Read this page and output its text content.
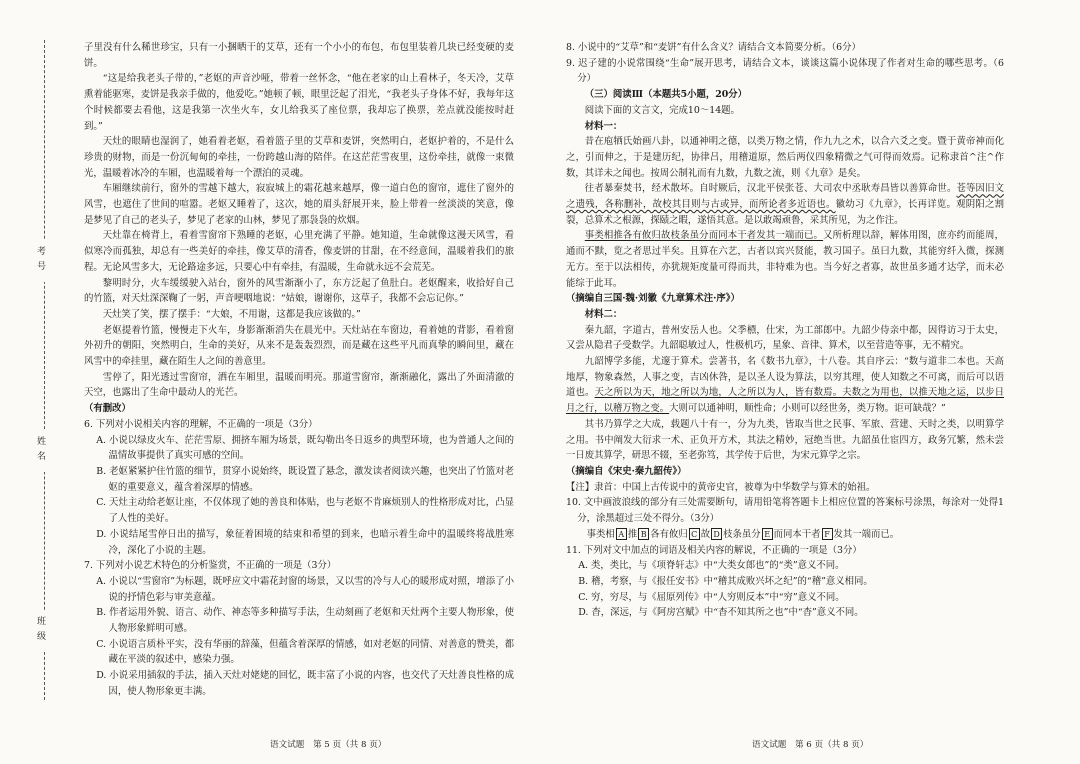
考号
姓名
班级

子里没有什么稀世珍宝，只有一小捆晒干的艾草，还有一个小小的布包，布包里装着几块已经变硬的麦饼。

“这是给我老头子带的，”老妪的声音沙哑，带着一丝怀念，“他在老家的山上看林子，冬天冷，艾草熏着能驱寒，麦饼是我亲手做的，他爱吃。”她顿了顿，眼里泛起了泪光，“我老头子身体不好，我每年这个时候都要去看他，这是我第一次坐火车，女儿给我买了座位票，我却忘了换票，差点就没能按时赶到。”

天灶的眼睛也湿润了，她看着老妪，看着篮子里的艾草和麦饼，突然明白，老妪护着的，不是什么珍贵的财物，而是一份沉甸甸的牵挂，一份跨越山海的陪伴。在这茫茫雪夜里，这份牵挂，就像一束微光，温暖着冰冷的车厢，也温暖着每一个漂泊的灵魂。

车厢继续前行，窗外的雪越下越大，寂寂城上的霜花越来越厚，像一道白色的窗帘，遮住了窗外的风雪，也遮住了世间的喧嚣。老妪又睡着了，这次，她的眉头舒展开来，脸上带着一丝淡淡的笑意，像是梦见了自己的老头子，梦见了老家的山林，梦见了那袅袅的炊烟。

天灶靠在椅背上，看着雪窗帘下熟睡的老妪，心里充满了平静。她知道，生命就像这漫天风雪，看似寒冷而孤独，却总有一些美好的牵挂，像艾草的清香，像麦饼的甘甜，在不经意间，温暖着我们的旅程。无论风雪多大，无论路途多远，只要心中有牵挂，有温暖，生命就永远不会荒芜。

黎明时分，火车缓缓驶入站台，窗外的风雪渐渐小了，东方泛起了鱼肚白。老妪醒来，收拾好自己的竹篮，对天灶深深鞠了一躬，声音哽咽地说：“姑娘，谢谢你，这草子，我都不会忘记你。”

天灶笑了笑，摆了摆手：“大娘，不用谢，这都是我应该做的。”

老妪提着竹篮，慢慢走下火车，身影渐渐消失在晨光中。天灶站在车窗边，看着她的背影，看着窗外初升的朝阳，突然明白，生命的美好，从来不是轰轰烈烈，而是藏在这些平凡而真挚的瞬间里，藏在风雪中的牵挂里，藏在陌生人之间的善意里。

雪停了，阳光透过雪窗帘，洒在车厢里，温暖而明亮。那道雪窗帘，渐渐融化，露出了外面清澈的天空，也露出了生命中最动人的光芒。

（有删改）

6. 下列对小说相关内容的理解，不正确的一项是（3分）

A. 小说以绿皮火车、茫茫雪原、拥挤车厢为场景，既勾勒出冬日返乡的典型环境，也为普通人之间的温情故事提供了真实可感的空间。

B. 老妪紧紧护住竹篮的细节，贯穿小说始终，既设置了悬念，激发读者阅读兴趣，也突出了竹篮对老妪的重要意义，蕴含着深厚的情感。

C. 天灶主动给老妪让座，不仅体现了她的善良和体贴，也与老妪不肯麻烦别人的性格形成对比，凸显了人性的美好。

D. 小说结尾雪停日出的描写，象征着困境的结束和希望的到来，也暗示着生命中的温暖终将战胜寒冷，深化了小说的主题。

7. 下列对小说艺术特色的分析鉴赏，不正确的一项是（3分）

A. 小说以“雪窗帘”为标题，既呼应文中霜花封窗的场景，又以雪的冷与人心的暖形成对照，增添了小说的抒情色彩与审美意蕴。

B. 作者运用外貌、语言、动作、神态等多种描写手法，生动刻画了老妪和天灶两个主要人物形象，使人物形象鲜明可感。

C. 小说语言质朴平实，没有华丽的辞藻，但蕴含着深厚的情感，如对老妪的同情、对善意的赞美，都藏在平淡的叙述中，感染力强。

D. 小说采用插叙的手法，插入天灶对姥姥的回忆，既丰富了小说的内容，也交代了天灶善良性格的成因，使人物形象更丰满。

8. 小说中的“艾草”和“麦饼”有什么含义？请结合文本简要分析。（6分）

9. 迟子建的小说常围绕“生命”展开思考，请结合文本，谈谈这篇小说体现了作者对生命的哪些思考。（6分）

（三）阅读Ⅲ（本题共5小题，20分）

阅读下面的文言文，完成10～14题。

材料一：

昔在庖牺氏始画八卦，以通神明之德，以类万物之情，作九九之术，以合六爻之变。暨于黄帝神而化之，引而伸之，于是建历纪，协律吕，用稽道原，然后两仪四象精微之气可得而效焉。记称隶首^注^作数，其详未之闻也。按周公制礼而有九数，九数之流，则《九章》是矣。

往者暴秦焚书，经术散坏。自时厥后，汉北平侯张苍、大司农中丞耿寿昌皆以善算命世。苍等因旧文之遗残，各称删补，故校其目则与古或异，而所论者多近语也。徽幼习《九章》，长再详览。观阴阳之割裂，总算术之根源，探赜之暇，遂悟其意。是以敢竭顽鲁，采其所见，为之作注。

事类相推各有攸归故枝条虽分而同本干者发其一端而已。又所析理以辞，解体用图，庶亦约而能周，通而不黩，览之者思过半矣。且算在六艺，古者以宾兴贤能，教习国子。虽曰九数，其能穷纤入微，探测无方。至于以法相传，亦犹规矩度量可得而共，非特难为也。当今好之者寡，故世虽多通才达学，而未必能综于此耳。

（摘编自三国·魏·刘徽《九章算术注·序》）

材料二：

秦九韶，字道古，普州安岳人也。父季槱，仕宋，为工部郎中。九韶少侍亲中都，因得访习于太史，又尝从隐君子受数学。九韶聪敏过人，性极机巧，星象、音律、算术，以至营造等事，无不精究。

九韶博学多能，尤邃于算术。尝著书，名《数书九章》，十八卷。其自序云：“数与道非二本也。天高地厚，物象森然，人事之变，吉凶休咎，是以圣人设为算法，以穷其理，使人知数之不可离，而后可以语道也。天之所以为天，地之所以为地，人之所以为人，皆有数焉。夫数之为用也，以推天地之运，以步日月之行，以稽万物之变。大则可以通神明，顺性命；小则可以经世务，类万物。讵可缺哉？”

其书乃算学之大成，载题八十有一，分为九类，皆取当世之民事、军旅、营建、天时之类，以明算学之用。书中阐发大衍求一术、正负开方术，其法之精妙，冠绝当世。九韶虽仕宦四方，政务冗繁，然未尝一日废其算学，研思不辍，至老弥笃，其学传于后世，为宋元算学之宗。

（摘编自《宋史·秦九韶传》）

【注】隶首：中国上古传说中的黄帝史官，被尊为中华数学与算术的始祖。

10. 文中画波浪线的部分有三处需要断句，请用铅笔将答题卡上相应位置的答案标号涂黑，每涂对一处得1分，涂黑超过三处不得分。（3分）

事类相 A 推 B 各有攸归 C 故 D 枝条虽分 E 而同本干者 F 发其一端而已。

11. 下列对文中加点的词语及相关内容的解说，不正确的一项是（3分）

A. 类，类比，与《项脊轩志》中“大类女郎也”的“类”意义不同。

B. 稽，考察，与《报任安书》中“稽其成败兴坏之纪”的“稽”意义相同。

C. 穷，穷尽，与《屈原列传》中“人穷则反本”中“穷”意义不同。

D. 杳，深远，与《阿房宫赋》中“杳不知其所之也”中“杳”意义不同。

语文试题　第 5 页（共 8 页）	语文试题　第 6 页（共 8 页）
